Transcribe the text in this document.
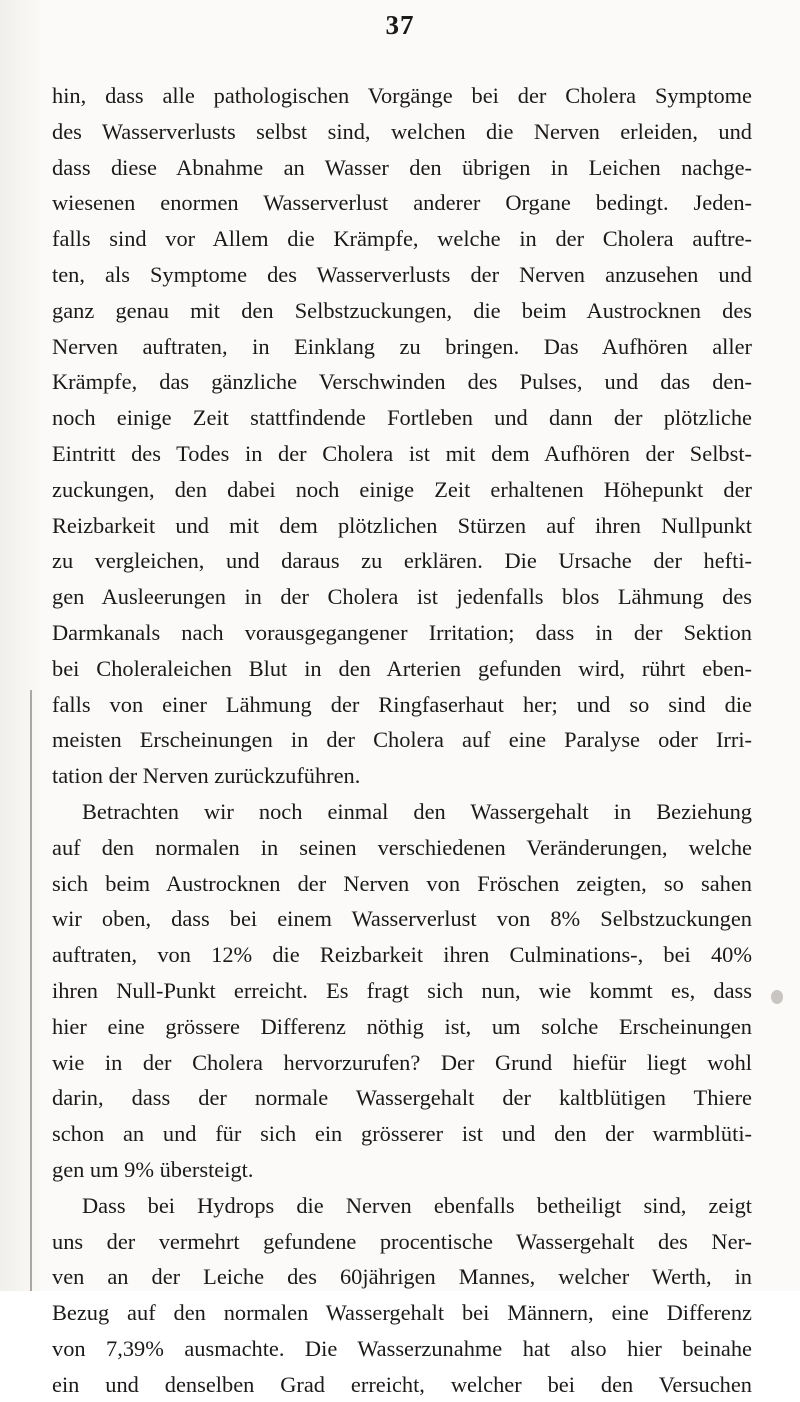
37
hin, dass alle pathologischen Vorgänge bei der Cholera Symptome
des Wasserverlusts selbst sind, welchen die Nerven erleiden, und
dass diese Abnahme an Wasser den übrigen in Leichen nachge-
wiesenen enormen Wasserverlust anderer Organe bedingt. Jeden-
falls sind vor Allem die Krämpfe, welche in der Cholera auftre-
ten, als Symptome des Wasserverlusts der Nerven anzusehen und
ganz genau mit den Selbstzuckungen, die beim Austrocknen des
Nerven auftraten, in Einklang zu bringen. Das Aufhören aller
Krämpfe, das gänzliche Verschwinden des Pulses, und das den-
noch einige Zeit stattfindende Fortleben und dann der plötzliche
Eintritt des Todes in der Cholera ist mit dem Aufhören der Selbst-
zuckungen, den dabei noch einige Zeit erhaltenen Höhepunkt der
Reizbarkeit und mit dem plötzlichen Stürzen auf ihren Nullpunkt
zu vergleichen, und daraus zu erklären. Die Ursache der hefti-
gen Ausleerungen in der Cholera ist jedenfalls blos Lähmung des
Darmkanals nach vorausgegangener Irritation; dass in der Sektion
bei Choleraleichen Blut in den Arterien gefunden wird, rührt eben-
falls von einer Lähmung der Ringfaserhaut her; und so sind die
meisten Erscheinungen in der Cholera auf eine Paralyse oder Irri-
tation der Nerven zurückzuführen.
Betrachten wir noch einmal den Wassergehalt in Beziehung
auf den normalen in seinen verschiedenen Veränderungen, welche
sich beim Austrocknen der Nerven von Fröschen zeigten, so sahen
wir oben, dass bei einem Wasserverlust von 8% Selbstzuckungen
auftraten, von 12% die Reizbarkeit ihren Culminations-, bei 40%
ihren Null-Punkt erreicht. Es fragt sich nun, wie kommt es, dass
hier eine grössere Differenz nöthig ist, um solche Erscheinungen
wie in der Cholera hervorzurufen? Der Grund hiefür liegt wohl
darin, dass der normale Wassergehalt der kaltblütigen Thiere
schon an und für sich ein grösserer ist und den der warmblüti-
gen um 9% übersteigt.
Dass bei Hydrops die Nerven ebenfalls betheiligt sind, zeigt
uns der vermehrt gefundene procentische Wassergehalt des Ner-
ven an der Leiche des 60jährigen Mannes, welcher Werth, in
Bezug auf den normalen Wassergehalt bei Männern, eine Differenz
von 7,39% ausmachte. Die Wasserzunahme hat also hier beinahe
ein und denselben Grad erreicht, welcher bei den Versuchen
